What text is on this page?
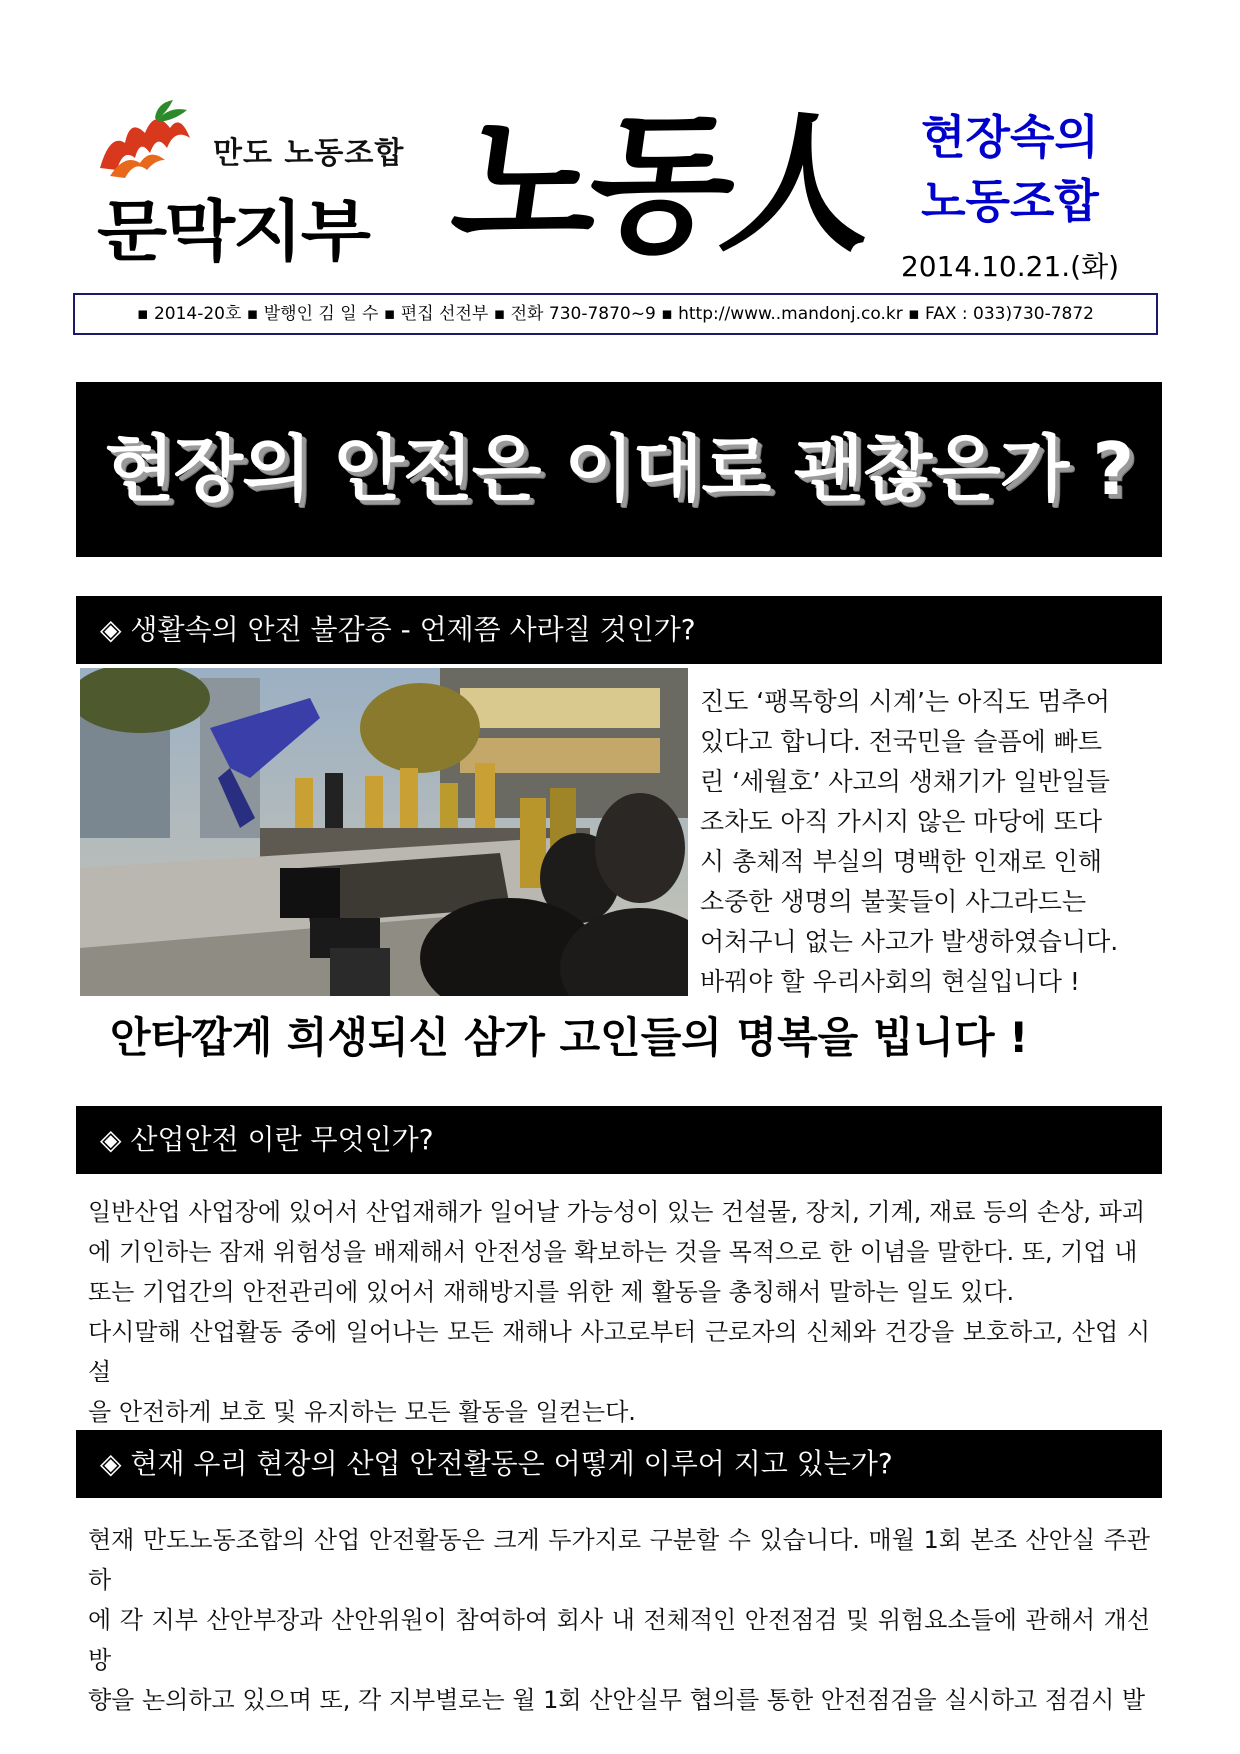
만도 노동조합
문막지부 노동人 현장속의
노동조합
2014.10.21.(화)
▪ 2014-20호 ▪ 발행인 김 일 수 ▪ 편집 선전부 ▪ 전화 730-7870~9 ▪ http://www..mandonj.co.kr ▪ FAX : 033)730-7872
현장의 안전은 이대로 괜찮은가 ?
◈ 생활속의 안전 불감증 - 언제쯤 사라질 것인가?

진도 ‘팽목항의 시계’는 아직도 멈추어

있다고 합니다. 전국민을 슬픔에 빠트

린 ‘세월호’ 사고의 생채기가 일반일들

조차도 아직 가시지 않은 마당에 또다

시 총체적 부실의 명백한 인재로 인해

소중한 생명의 불꽃들이 사그라드는

어처구니 없는 사고가 발생하였습니다.

바꿔야 할 우리사회의 현실입니다 !

안타깝게 희생되신 삼가 고인들의 명복을 빕니다 !
◈ 산업안전 이란 무엇인가?

일반산업 사업장에 있어서 산업재해가 일어날 가능성이 있는 건설물, 장치, 기계, 재료 등의 손상, 파괴

에 기인하는 잠재 위험성을 배제해서 안전성을 확보하는 것을 목적으로 한 이념을 말한다. 또, 기업 내

또는 기업간의 안전관리에 있어서 재해방지를 위한 제 활동을 총칭해서 말하는 일도 있다.

다시말해 산업활동 중에 일어나는 모든 재해나 사고로부터 근로자의 신체와 건강을 보호하고, 산업 시설

을 안전하게 보호 및 유지하는 모든 활동을 일컫는다.

◈ 현재 우리 현장의 산업 안전활동은 어떻게 이루어 지고 있는가?

현재 만도노동조합의 산업 안전활동은 크게 두가지로 구분할 수 있습니다. 매월 1회 본조 산안실 주관하

에 각 지부 산안부장과 산안위원이 참여하여 회사 내 전체적인 안전점검 및 위험요소들에 관해서 개선방

향을 논의하고 있으며 또, 각 지부별로는 월 1회 산안실무 협의를 통한 안전점검을 실시하고 점검시 발
